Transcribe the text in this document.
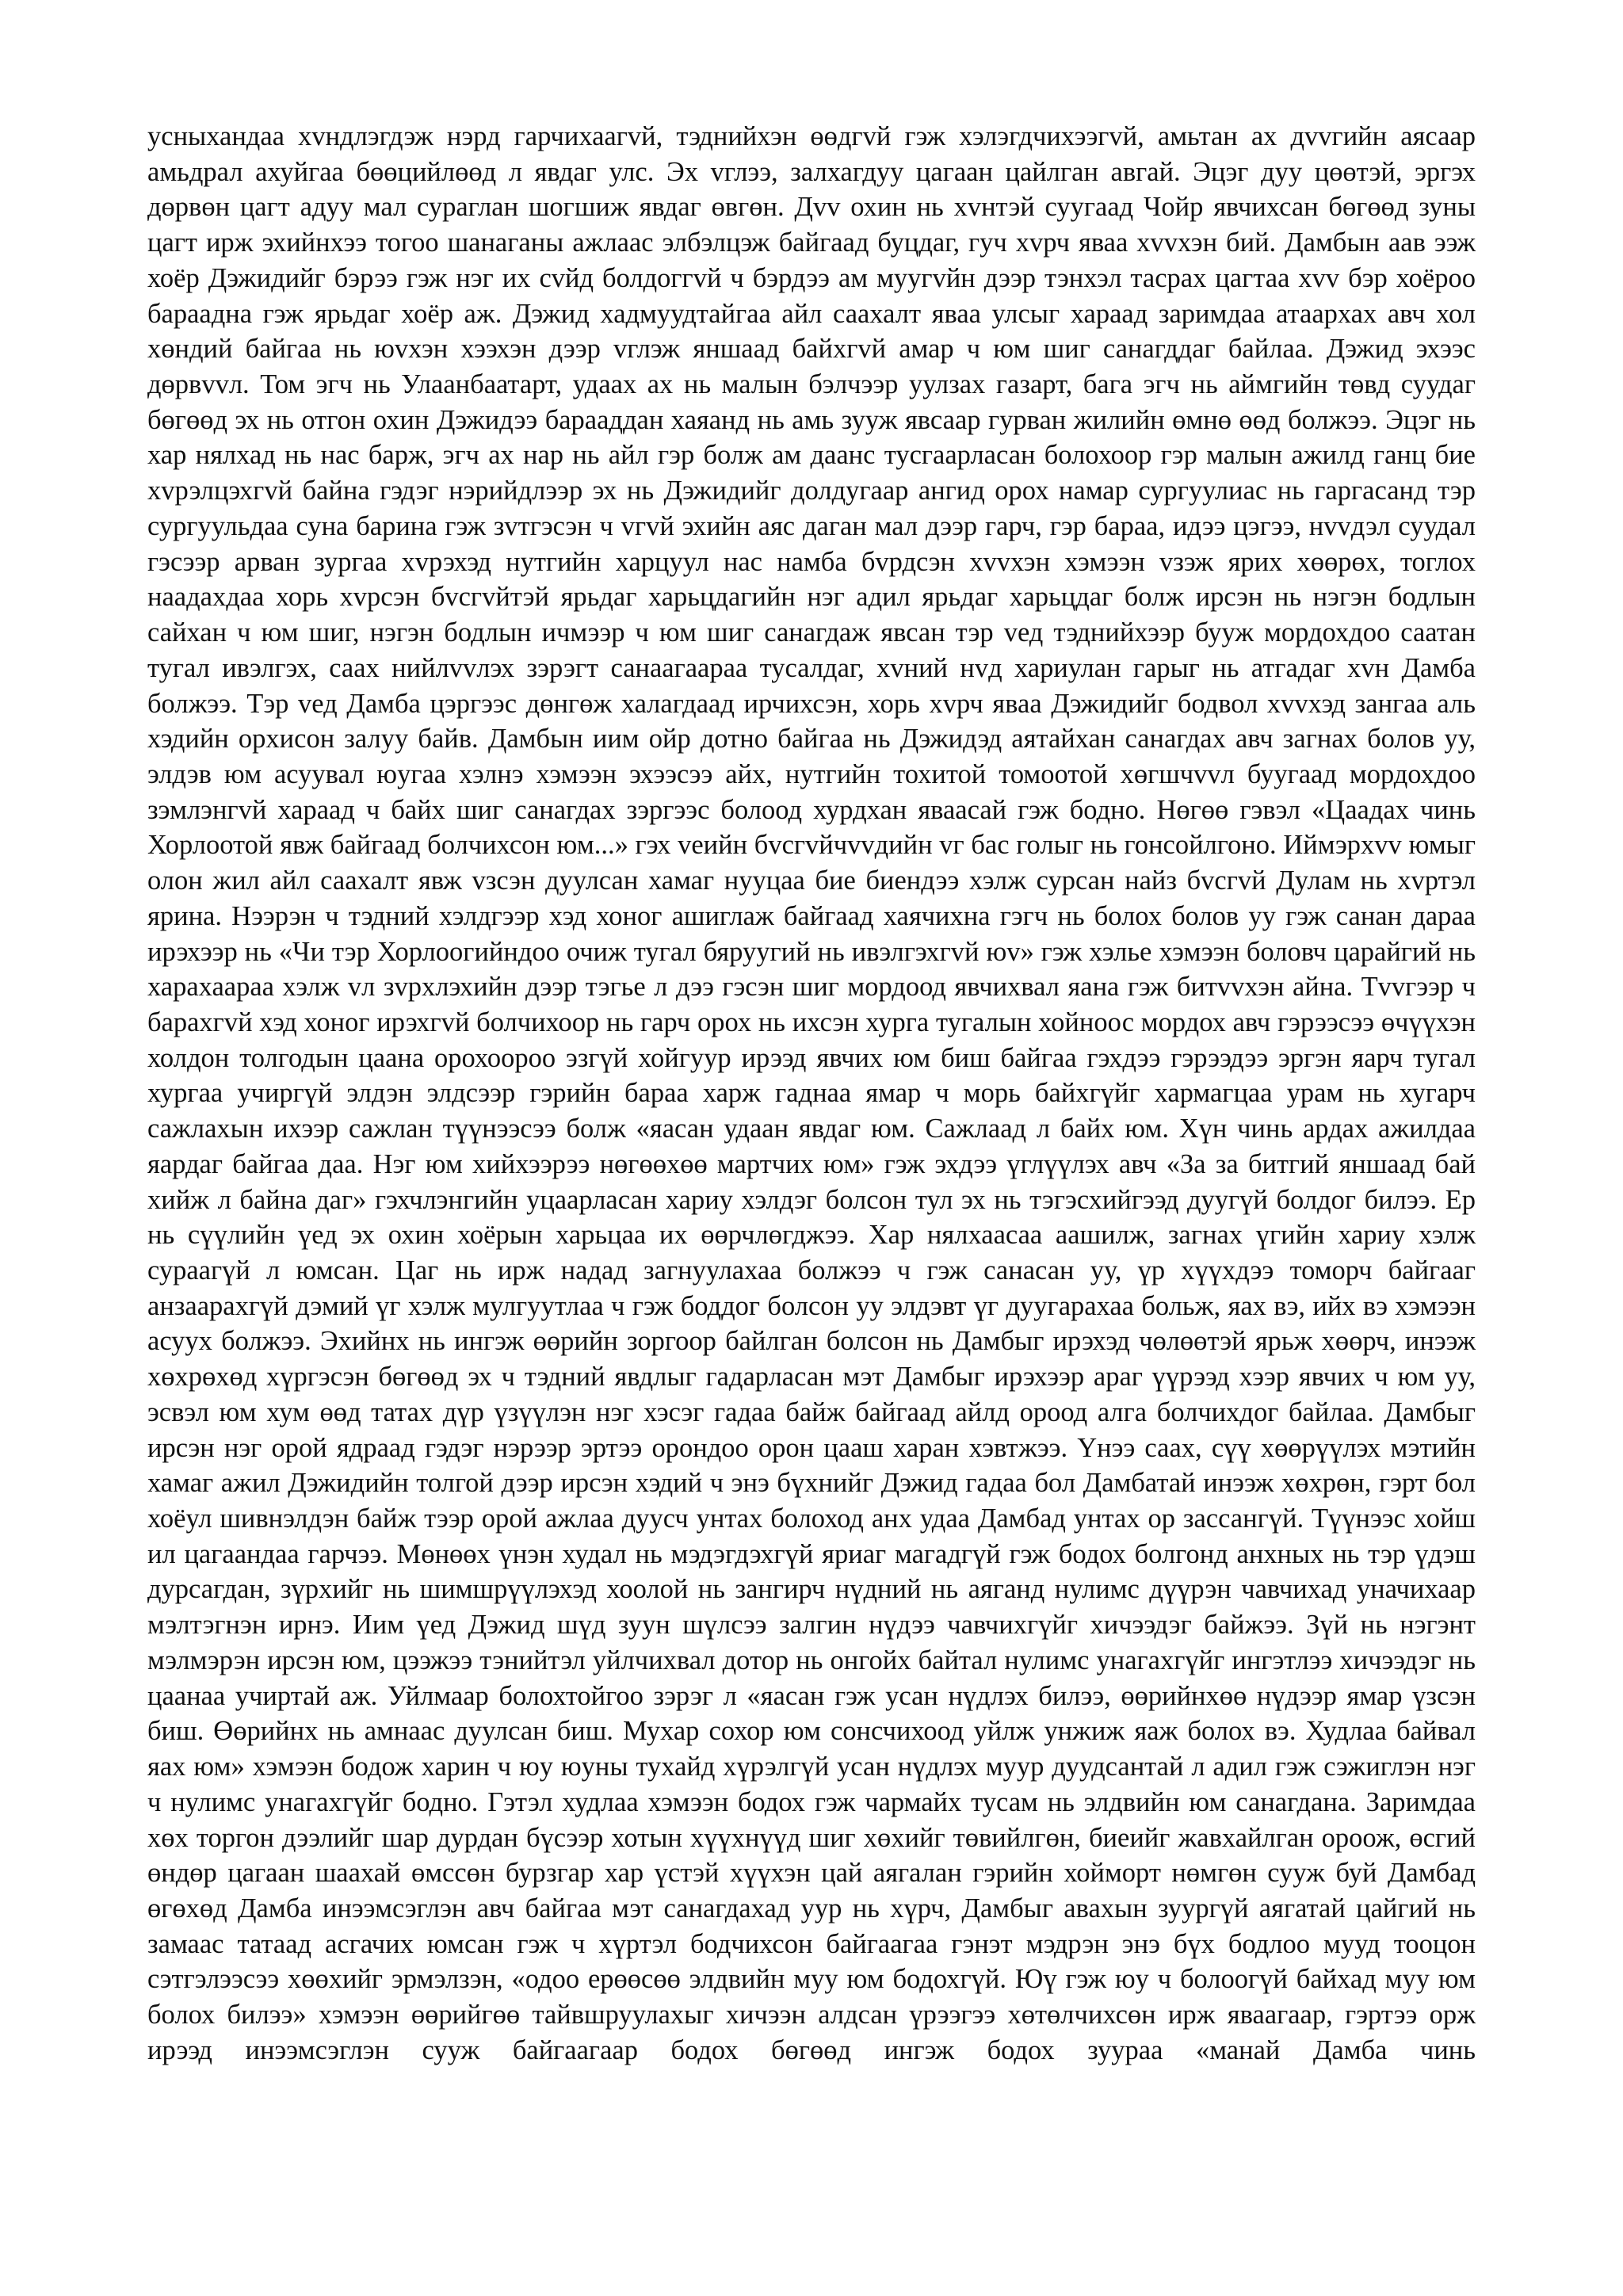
усныхандаа хvндлэгдэж нэрд гарчихаагvй, тэднийхэн өөдгvй гэж хэлэгдчихээгvй, амьтан ах дvvгийн аясаар амьдрал ахуйгаа бөөцийлөөд л явдаг улс. Эх vглээ, залхагдуу цагаан цайлган авгай. Эцэг дуу цөөтэй, эргэх дөрвөн цагт адуу мал сураглан шогшиж явдаг өвгөн. Дvv охин нь хvнтэй суугаад Чойр явчихсан бөгөөд зуны цагт ирж эхийнхээ тогоо шанаганы ажлаас элбэлцэж байгаад буцдаг, гуч хvрч яваа хvvхэн бий. Дамбын аав ээж хоёр Дэжидийг бэрээ гэж нэг их сvйд болдоггvй ч бэрдээ ам муугvйн дээр тэнхэл тасрах цагтаа хvv бэр хоёроо бараадна гэж ярьдаг хоёр аж. Дэжид хадмуудтайгаа айл саахалт яваа улсыг хараад заримдаа атаархах авч хол хөндий байгаа нь юvхэн хээхэн дээр vглэж яншаад байхгvй амар ч юм шиг санагддаг байлаа. Дэжид эхээс дөрвvvл. Том эгч нь Улаанбаатарт, удаах ах нь малын бэлчээр уулзах газарт, бага эгч нь аймгийн төвд суудаг бөгөөд эх нь отгон охин Дэжидээ барааддан хаяанд нь амь зууж явсаар гурван жилийн өмнө өөд болжээ. Эцэг нь хар нялхад нь нас барж, эгч ах нар нь айл гэр болж ам даанс тусгаарласан болохоор гэр малын ажилд ганц бие хvрэлцэхгvй байна гэдэг нэрийдлээр эх нь Дэжидийг долдугаар ангид орох намар сургуулиас нь гаргасанд тэр сургуульдаа суна барина гэж зvтгэсэн ч vгvй эхийн аяс даган мал дээр гарч, гэр бараа, идээ цэгээ, нvvдэл суудал гэсээр арван зургаа хvрэхэд нутгийн харцуул нас намба бvрдсэн хvvхэн хэмээн vзэж ярих хөөрөх, тоглох наадахдаа хорь хvрсэн бvсгvйтэй ярьдаг харьцдагийн нэг адил ярьдаг харьцдаг болж ирсэн нь нэгэн бодлын сайхан ч юм шиг, нэгэн бодлын ичмээр ч юм шиг санагдаж явсан тэр vед тэднийхээр бууж мордохдоо саатан тугал ивэлгэх, саах нийлvvлэх зэрэгт санаагаараа тусалдаг, хvний нvд хариулан гарыг нь атгадаг хvн Дамба болжээ. Тэр vед Дамба цэргээс дөнгөж халагдаад ирчихсэн, хорь хvрч яваа Дэжидийг бодвол хvvхэд зангаа аль хэдийн орхисон залуу байв. Дамбын иим ойр дотно байгаа нь Дэжидэд аятайхан санагдах авч загнах болов уу, элдэв юм асуувал юугаа хэлнэ хэмээн эхээсээ айх, нутгийн тохитой томоотой хөгшчvvл буугаад мордохдоо зэмлэнгvй хараад ч байх шиг санагдах зэргээс болоод хурдхан яваасай гэж бодно. Нөгөө гэвэл «Цаадах чинь Хорлоотой явж байгаад болчихсон юм...» гэх vеийн бvсгvйчvvдийн vг бас голыг нь гонсойлгоно. Иймэрхvv юмыг олон жил айл саахалт явж vзсэн дуулсан хамаг нууцаа бие биендээ хэлж сурсан найз бvсгvй Дулам нь хvртэл ярина. Нээрэн ч тэдний хэлдгээр хэд хоног ашиглаж байгаад хаячихна гэгч нь болох болов уу гэж санан дараа ирэхээр нь «Чи тэр Хорлоогийндоо очиж тугал бяруугий нь ивэлгэхгvй юv» гэж хэлье хэмээн боловч царайгий нь харахаараа хэлж vл зvрхлэхийн дээр тэгье л дээ гэсэн шиг мордоод явчихвал яана гэж битvvхэн айна. Тvvгээр ч барахгvй хэд хоног ирэхгvй болчихоор нь гарч орох нь ихсэн хурга тугалын хойноос мордох авч гэрээсээ өчүүхэн холдон толгодын цаана орохоороо эзгүй хойгуур ирээд явчих юм биш байгаа гэхдээ гэрээдээ эргэн яарч тугал хургаа учиргүй элдэн элдсээр гэрийн бараа харж гаднаа ямар ч морь байхгүйг хармагцаа урам нь хугарч сажлахын ихээр сажлан түүнээсээ болж «яасан удаан явдаг юм. Сажлаад л байх юм. Хүн чинь ардах ажилдаа яардаг байгаа даа. Нэг юм хийхээрээ нөгөөхөө мартчих юм» гэж эхдээ үглүүлэх авч «За за битгий яншаад бай хийж л байна даг» гэхчлэнгийн уцаарласан хариу хэлдэг болсон тул эх нь тэгэсхийгээд дуугүй болдог билээ. Ер нь сүүлийн үед эх охин хоёрын харьцаа их өөрчлөгджээ. Хар нялхаасаа аашилж, загнах үгийн хариу хэлж сураагүй л юмсан. Цаг нь ирж надад загнуулахаа болжээ ч гэж санасан уу, үр хүүхдээ томорч байгааг анзаарахгүй дэмий үг хэлж мулгуутлаа ч гэж боддог болсон уу элдэвт үг дуугарахаа больж, яах вэ, ийх вэ хэмээн асуух болжээ. Эхийнх нь ингэж өөрийн зоргоор байлган болсон нь Дамбыг ирэхэд чөлөөтэй ярьж хөөрч, инээж хөхрөхөд хүргэсэн бөгөөд эх ч тэдний явдлыг гадарласан мэт Дамбыг ирэхээр араг үүрээд хээр явчих ч юм уу, эсвэл юм хум өөд татах дүр үзүүлэн нэг хэсэг гадаа байж байгаад айлд ороод алга болчихдог байлаа. Дамбыг ирсэн нэг орой ядраад гэдэг нэрээр эртээ орондоо орон цааш харан хэвтжээ. Үнээ саах, сүү хөөрүүлэх мэтийн хамаг ажил Дэжидийн толгой дээр ирсэн хэдий ч энэ бүхнийг Дэжид гадаа бол Дамбатай инээж хөхрөн, гэрт бол хоёул шивнэлдэн байж тээр орой ажлаа дуусч унтах болоход анх удаа Дамбад унтах ор зассангүй. Түүнээс хойш ил цагаандаа гарчээ. Мөнөөх үнэн худал нь мэдэгдэхгүй яриаг магадгүй гэж бодох болгонд анхных нь тэр үдэш дурсагдан, зүрхийг нь шимшрүүлэхэд хоолой нь зангирч нүдний нь аяганд нулимс дүүрэн чавчихад уначихаар мэлтэгнэн ирнэ. Иим үед Дэжид шүд зуун шүлсээ залгин нүдээ чавчихгүйг хичээдэг байжээ. Зүй нь нэгэнт мэлмэрэн ирсэн юм, цээжээ тэнийтэл уйлчихвал дотор нь онгойх байтал нулимс унагахгүйг ингэтлээ хичээдэг нь цаанаа учиртай аж. Уйлмаар болохтойгоо зэрэг л «яасан гэж усан нүдлэх билээ, өөрийнхөө нүдээр ямар үзсэн биш. Өөрийнх нь амнаас дуулсан биш. Мухар сохор юм сонсчихоод уйлж унжиж яаж болох вэ. Худлаа байвал яах юм» хэмээн бодож харин ч юу юуны тухайд хүрэлгүй усан нүдлэх муур дуудсантай л адил гэж сэжиглэн нэг ч нулимс унагахгүйг бодно. Гэтэл худлаа хэмээн бодох гэж чармайх тусам нь элдвийн юм санагдана. Заримдаа хөх торгон дээлийг шар дурдан бүсээр хотын хүүхнүүд шиг хөхийг төвийлгөн, биеийг жавхайлган ороож, өсгий өндөр цагаан шаахай өмссөн бурзгар хар үстэй хүүхэн цай аягалан гэрийн хойморт нөмгөн сууж буй Дамбад өгөхөд Дамба инээмсэглэн авч байгаа мэт санагдахад уур нь хүрч, Дамбыг авахын зуургүй аягатай цайгий нь замаас татаад асгачих юмсан гэж ч хүртэл бодчихсон байгаагаа гэнэт мэдрэн энэ бүх бодлоо мууд тооцон сэтгэлээсээ хөөхийг эрмэлзэн, «одоо ерөөсөө элдвийн муу юм бодохгүй. Юү гэж юу ч болоогүй байхад муу юм болох билээ» хэмээн өөрийгөө тайвшруулахыг хичээн алдсан үрээгээ хөтөлчихсөн ирж яваагаар, гэртээ орж ирээд инээмсэглэн сууж байгаагаар бодох бөгөөд ингэж бодох зуураа «манай Дамба чинь
